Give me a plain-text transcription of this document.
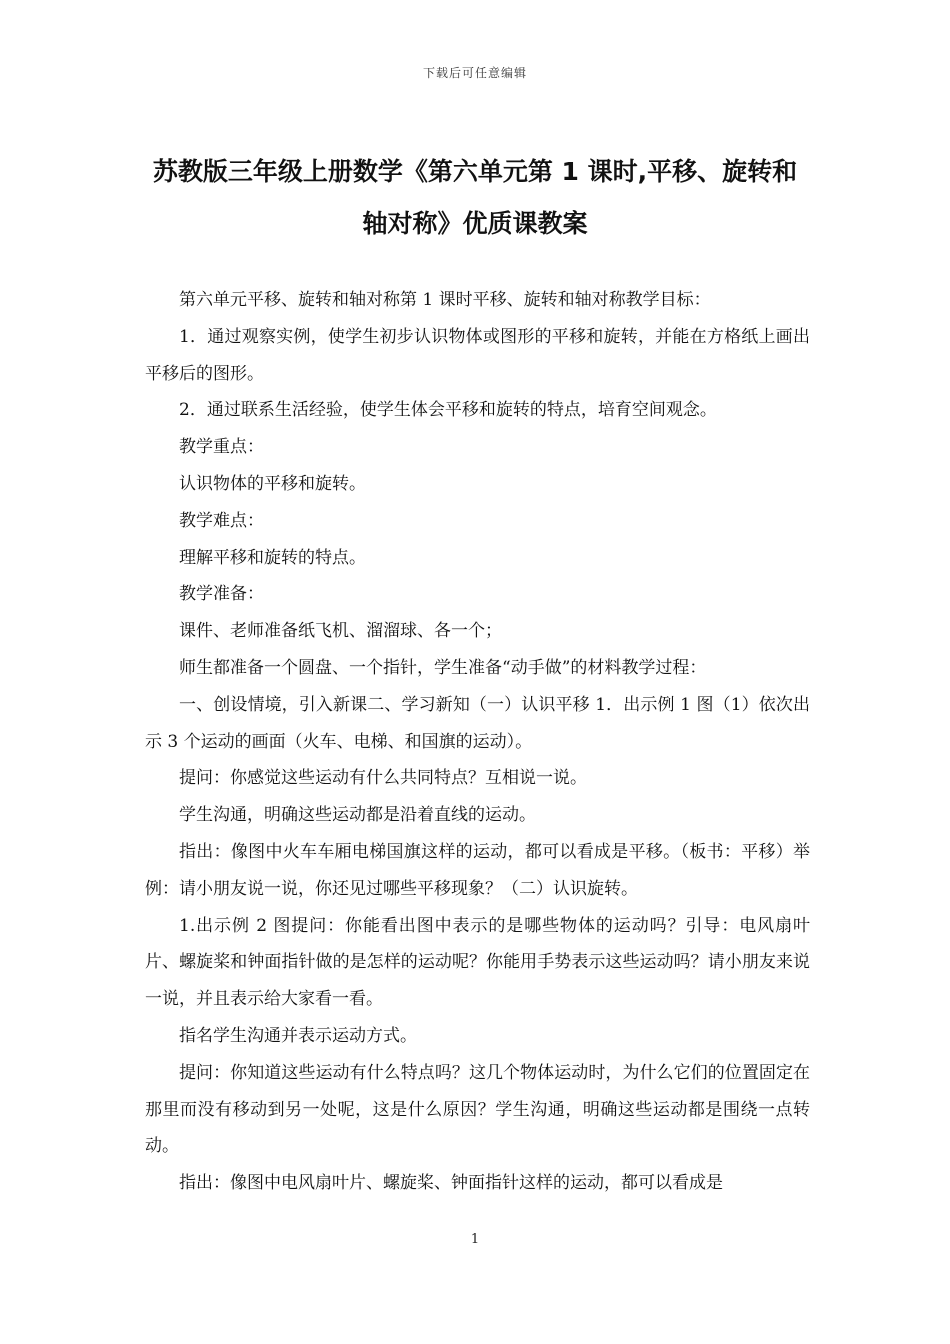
下载后可任意编辑
苏教版三年级上册数学《第六单元第 1 课时,平移、旋转和
轴对称》优质课教案

第六单元平移、旋转和轴对称第 1 课时平移、旋转和轴对称教学目标：

1．通过观察实例，使学生初步认识物体或图形的平移和旋转，并能在方格纸上画出平移后的图形。

2．通过联系生活经验，使学生体会平移和旋转的特点，培育空间观念。

教学重点：

认识物体的平移和旋转。

教学难点：

理解平移和旋转的特点。

教学准备：

课件、老师准备纸飞机、溜溜球、各一个；

师生都准备一个圆盘、一个指针，学生准备“动手做”的材料教学过程：

一、创设情境，引入新课二、学习新知（一）认识平移 1．出示例 1 图（1）依次出示 3 个运动的画面（火车、电梯、和国旗的运动）。

提问：你感觉这些运动有什么共同特点？互相说一说。

学生沟通，明确这些运动都是沿着直线的运动。

指出：像图中火车车厢电梯国旗这样的运动，都可以看成是平移。（板书：平移）举例：请小朋友说一说，你还见过哪些平移现象？（二）认识旋转。

1.出示例 2 图提问：你能看出图中表示的是哪些物体的运动吗？引导：电风扇叶片、螺旋桨和钟面指针做的是怎样的运动呢？你能用手势表示这些运动吗？请小朋友来说一说，并且表示给大家看一看。

指名学生沟通并表示运动方式。

提问：你知道这些运动有什么特点吗？这几个物体运动时，为什么它们的位置固定在那里而没有移动到另一处呢，这是什么原因？学生沟通，明确这些运动都是围绕一点转动。

指出：像图中电风扇叶片、螺旋桨、钟面指针这样的运动，都可以看成是

1
